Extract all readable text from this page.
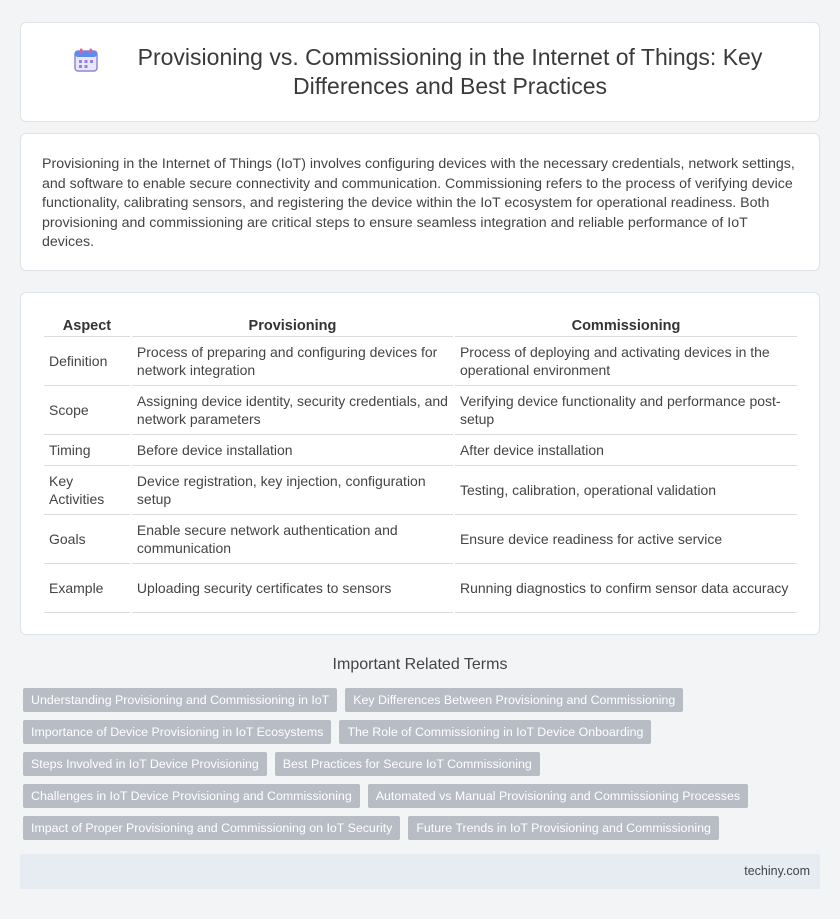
Provisioning vs. Commissioning in the Internet of Things: Key Differences and Best Practices

Provisioning in the Internet of Things (IoT) involves configuring devices with the necessary credentials, network settings, and software to enable secure connectivity and communication. Commissioning refers to the process of verifying device functionality, calibrating sensors, and registering the device within the IoT ecosystem for operational readiness. Both provisioning and commissioning are critical steps to ensure seamless integration and reliable performance of IoT devices.

Aspect	Provisioning	Commissioning
Definition	Process of preparing and configuring devices for network integration	Process of deploying and activating devices in the operational environment
Scope	Assigning device identity, security credentials, and network parameters	Verifying device functionality and performance post-setup
Timing	Before device installation	After device installation
Key Activities	Device registration, key injection, configuration setup	Testing, calibration, operational validation
Goals	Enable secure network authentication and communication	Ensure device readiness for active service
Example	Uploading security certificates to sensors	Running diagnostics to confirm sensor data accuracy
Important Related Terms
Understanding Provisioning and Commissioning in IoT	Key Differences Between Provisioning and Commissioning
Importance of Device Provisioning in IoT Ecosystems	The Role of Commissioning in IoT Device Onboarding
Steps Involved in IoT Device Provisioning	Best Practices for Secure IoT Commissioning
Challenges in IoT Device Provisioning and Commissioning	Automated vs Manual Provisioning and Commissioning Processes
Impact of Proper Provisioning and Commissioning on IoT Security	Future Trends in IoT Provisioning and Commissioning
techiny.com
